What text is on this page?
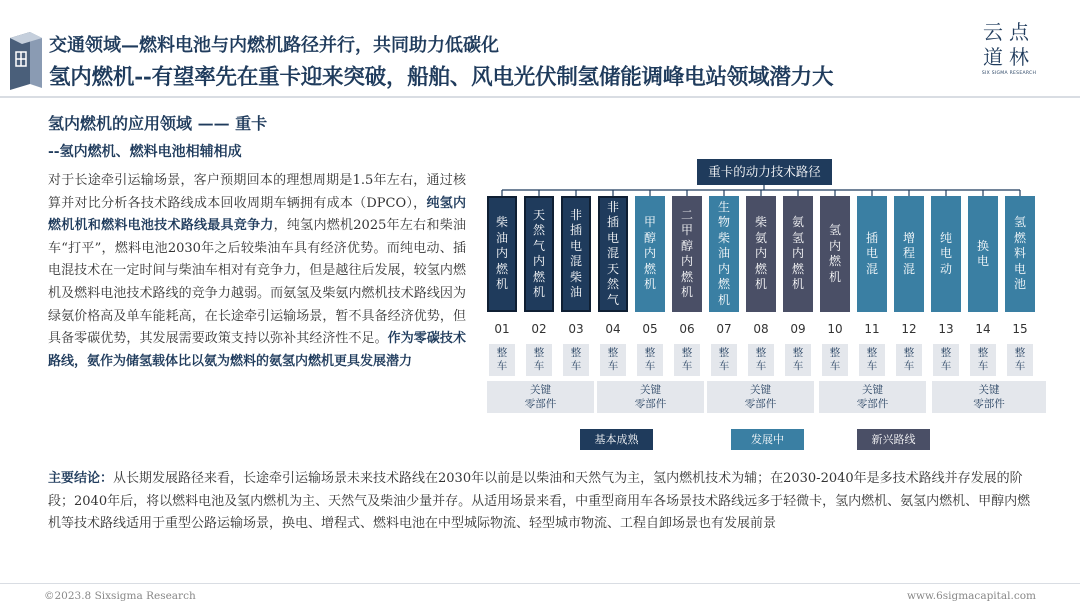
交通领域—燃料电池与内燃机路径并行，共同助力低碳化
氢内燃机--有望率先在重卡迎来突破，船舶、风电光伏制氢储能调峰电站领域潜力大
云点
道林
SIX SIGMA RESEARCH
氢内燃机的应用领域 —— 重卡
--氢内燃机、燃料电池相辅相成
对于长途牵引运输场景，客户预期回本的理想周期是1.5年左右，通过核算并对比分析各技术路线成本回收周期车辆拥有成本（DPCO），纯氢内燃机机和燃料电池技术路线最具竞争力，纯氢内燃机2025年左右和柴油车“打平”，燃料电池2030年之后较柴油车具有经济优势。而纯电动、插电混技术在一定时间与柴油车相对有竞争力，但是越往后发展，较氢内燃机及燃料电池技术路线的竞争力越弱。而氨氢及柴氨内燃机技术路线因为绿氨价格高及单车能耗高，在长途牵引运输场景，暂不具备经济优势，但具备零碳优势，其发展需要政策支持以弥补其经济性不足。作为零碳技术路线，氨作为储氢载体比以氨为燃料的氨氢内燃机更具发展潜力
重卡的动力技术路径
柴
油
内
燃
机
01
整
车
天
然
气
内
燃
机
02
整
车
非
插
电
混
柴
油
03
整
车
非
插
电
混
天
然
气
04
整
车
甲
醇
内
燃
机
05
整
车
二
甲
醇
内
燃
机
06
整
车
生
物
柴
油
内
燃
机
07
整
车
柴
氨
内
燃
机
08
整
车
氨
氢
内
燃
机
09
整
车
氢
内
燃
机
10
整
车
插
电
混
11
整
车
增
程
混
12
整
车
纯
电
动
13
整
车
换
电
14
整
车
氢
燃
料
电
池
15
整
车
关键
零部件
关键
零部件
关键
零部件
关键
零部件
关键
零部件
基本成熟	发展中	新兴路线
主要结论：从长期发展路径来看，长途牵引运输场景未来技术路线在2030年以前是以柴油和天然气为主，氢内燃机技术为辅；在2030-2040年是多技术路线并存发展的阶段；2040年后，将以燃料电池及氢内燃机为主、天然气及柴油少量并存。从适用场景来看，中重型商用车各场景技术路线远多于轻微卡，氢内燃机、氨氢内燃机、甲醇内燃机等技术路线适用于重型公路运输场景，换电、增程式、燃料电池在中型城际物流、轻型城市物流、工程自卸场景也有发展前景
©2023.8 Sixsigma Research	www.6sigmacapital.com
